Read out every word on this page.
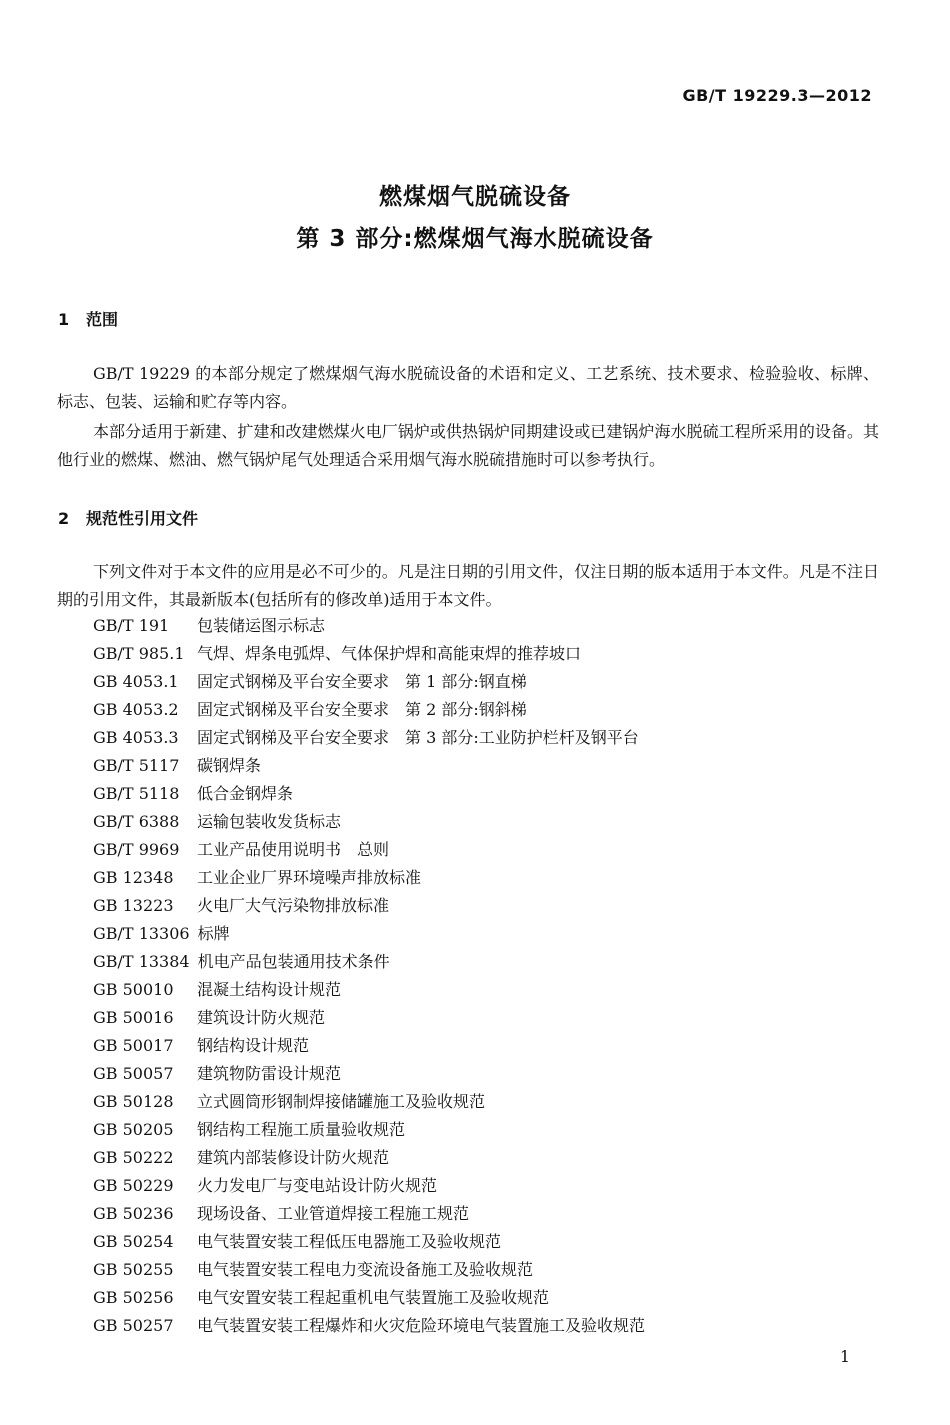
GB/T 19229.3—2012
燃煤烟气脱硫设备
第 3 部分:燃煤烟气海水脱硫设备
1 范围

GB/T 19229 的本部分规定了燃煤烟气海水脱硫设备的术语和定义、工艺系统、技术要求、检验验收、标牌、标志、包装、运输和贮存等内容。

本部分适用于新建、扩建和改建燃煤火电厂锅炉或供热锅炉同期建设或已建锅炉海水脱硫工程所采用的设备。其他行业的燃煤、燃油、燃气锅炉尾气处理适合采用烟气海水脱硫措施时可以参考执行。

2 规范性引用文件

下列文件对于本文件的应用是必不可少的。凡是注日期的引用文件，仅注日期的版本适用于本文件。凡是不注日期的引用文件，其最新版本(包括所有的修改单)适用于本文件。

GB/T 191 包装储运图示标志
GB/T 985.1 气焊、焊条电弧焊、气体保护焊和高能束焊的推荐坡口
GB 4053.1 固定式钢梯及平台安全要求　第 1 部分:钢直梯
GB 4053.2 固定式钢梯及平台安全要求　第 2 部分:钢斜梯
GB 4053.3 固定式钢梯及平台安全要求　第 3 部分:工业防护栏杆及钢平台
GB/T 5117 碳钢焊条
GB/T 5118 低合金钢焊条
GB/T 6388 运输包装收发货标志
GB/T 9969 工业产品使用说明书　总则
GB 12348 工业企业厂界环境噪声排放标准
GB 13223 火电厂大气污染物排放标准
GB/T 13306 标牌
GB/T 13384 机电产品包装通用技术条件
GB 50010 混凝土结构设计规范
GB 50016 建筑设计防火规范
GB 50017 钢结构设计规范
GB 50057 建筑物防雷设计规范
GB 50128 立式圆筒形钢制焊接储罐施工及验收规范
GB 50205 钢结构工程施工质量验收规范
GB 50222 建筑内部装修设计防火规范
GB 50229 火力发电厂与变电站设计防火规范
GB 50236 现场设备、工业管道焊接工程施工规范
GB 50254 电气装置安装工程低压电器施工及验收规范
GB 50255 电气装置安装工程电力变流设备施工及验收规范
GB 50256 电气安置安装工程起重机电气装置施工及验收规范
GB 50257 电气装置安装工程爆炸和火灾危险环境电气装置施工及验收规范
1
